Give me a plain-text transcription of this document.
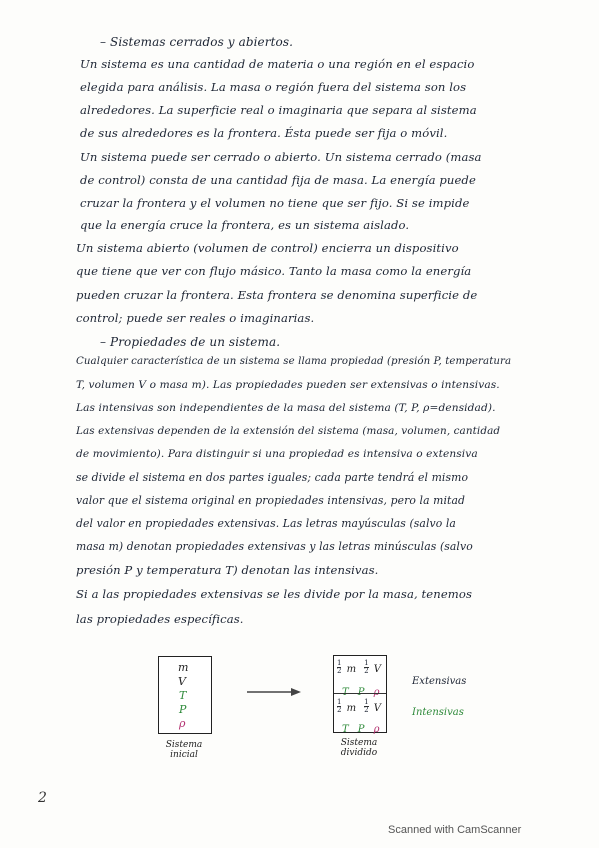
– Sistemas cerrados y abiertos.
Un sistema es una cantidad de materia o una región en el espacio
elegida para análisis. La masa o región fuera del sistema son los
alrededores. La superficie real o imaginaria que separa al sistema
de sus alrededores es la frontera. Ésta puede ser fija o móvil.
Un sistema puede ser cerrado o abierto. Un sistema cerrado (masa
de control) consta de una cantidad fija de masa. La energía puede
cruzar la frontera y el volumen no tiene que ser fijo. Si se impide
que la energía cruce la frontera, es un sistema aislado.
Un sistema abierto (volumen de control) encierra un dispositivo
que tiene que ver con flujo másico. Tanto la masa como la energía
pueden cruzar la frontera. Esta frontera se denomina superficie de
control; puede ser reales o imaginarias.
– Propiedades de un sistema.
Cualquier característica de un sistema se llama propiedad (presión P, temperatura
T, volumen V o masa m). Las propiedades pueden ser extensivas o intensivas.
Las intensivas son independientes de la masa del sistema (T, P, ρ=densidad).
Las extensivas dependen de la extensión del sistema (masa, volumen, cantidad
de movimiento). Para distinguir si una propiedad es intensiva o extensiva
se divide el sistema en dos partes iguales; cada parte tendrá el mismo
valor que el sistema original en propiedades intensivas, pero la mitad
del valor en propiedades extensivas. Las letras mayúsculas (salvo la
masa m) denotan propiedades extensivas y las letras minúsculas (salvo
presión P y temperatura T) denotan las intensivas.
Si a las propiedades extensivas se les divide por la masa, tenemos
las propiedades específicas.
m
V
T
P
ρ
Sistema inicial
$\frac{1}{2}$ m $\frac{1}{2}$ V
$\frac{1}{2}$ m $\frac{1}{2}$ V
T P ρ
Sistema dividido
Extensivas
Intensivas
2
Scanned with CamScanner
